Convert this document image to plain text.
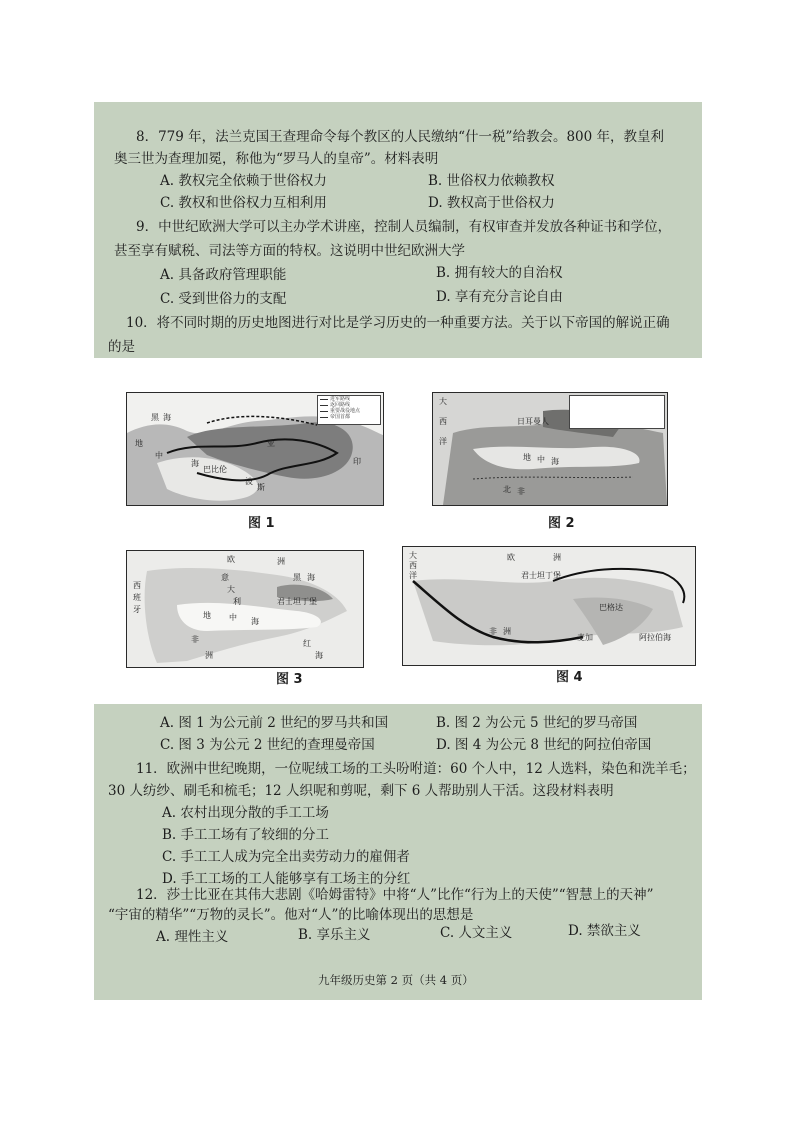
8．779 年，法兰克国王查理命令每个教区的人民缴纳“什一税”给教会。800 年，教皇利
奥三世为查理加冕，称他为“罗马人的皇帝”。材料表明
A. 教权完全依赖于世俗权力	B. 世俗权力依赖教权
C. 教权和世俗权力互相利用	D. 教权高于世俗权力
9．中世纪欧洲大学可以主办学术讲座，控制人员编制，有权审查并发放各种证书和学位，
甚至享有赋税、司法等方面的特权。这说明中世纪欧洲大学
A. 具备政府管理职能	B. 拥有较大的自治权
C. 受到世俗力的支配	D. 享有充分言论自由
10．将不同时期的历史地图进行对比是学习历史的一种重要方法。关于以下帝国的解说正确
的是
进军路线
返回路线
重要战役地点
帝国首都
黑 海
地
中
海
巴比伦
亚
波
斯
印
图 1
大
西
洋
日耳曼人
地 中 海
北 非
图 2
欧	洲
西
班
牙
意
大
利
黑 海
君士坦丁堡
地 中 海
非
洲
红
海
图 3
大
西
洋
欧	洲
君士坦丁堡
巴格达
非 洲
麦加	阿拉伯海
图 4
A. 图 1 为公元前 2 世纪的罗马共和国	B. 图 2 为公元 5 世纪的罗马帝国
C. 图 3 为公元 2 世纪的查理曼帝国	D. 图 4 为公元 8 世纪的阿拉伯帝国
11．欧洲中世纪晚期，一位呢绒工场的工头吩咐道：60 个人中，12 人选料，染色和洗羊毛；
30 人纺纱、刷毛和梳毛；12 人织呢和剪呢，剩下 6 人帮助别人干活。这段材料表明
A. 农村出现分散的手工工场
B. 手工工场有了较细的分工
C. 手工工人成为完全出卖劳动力的雇佣者
D. 手工工场的工人能够享有工场主的分红
12．莎士比亚在其伟大悲剧《哈姆雷特》中将“人”比作“行为上的天使”“智慧上的天神”
“宇宙的精华”“万物的灵长”。他对“人”的比喻体现出的思想是
A. 理性主义	B. 享乐主义	C. 人文主义	D. 禁欲主义
九年级历史第 2 页（共 4 页）
